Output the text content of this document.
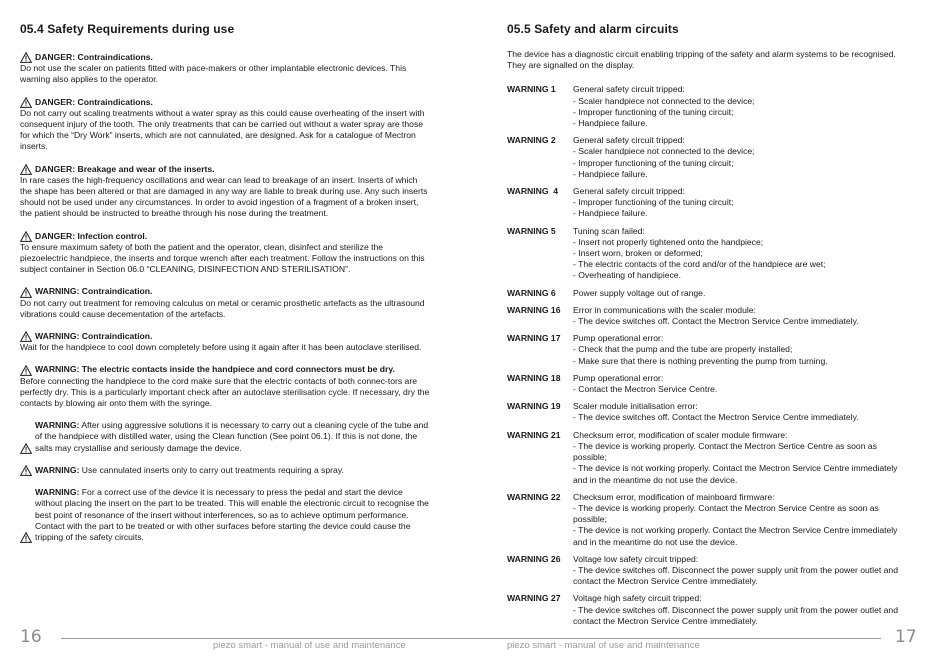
05.4 Safety Requirements during use
DANGER: Contraindications.

Do not use the scaler on patients fitted with pace-makers or other implantable electronic devices. This warning also applies to the operator.

DANGER: Contraindications.

Do not carry out scaling treatments without a water spray as this could cause overheating of the insert with consequent injury of the tooth. The only treatments that can be carried out without a water spray are those for which the “Dry Work” inserts, which are not cannulated, are designed. Ask for a catalogue of Mectron inserts.

DANGER: Breakage and wear of the inserts.

In rare cases the high-frequency oscillations and wear can lead to breakage of an insert. Inserts of which the shape has been altered or that are damaged in any way are liable to break during use. Any such inserts should not be used under any circumstances. In order to avoid ingestion of a fragment of a broken insert, the patient should be instructed to breathe through his nose during the treatment.

DANGER: Infection control.

To ensure maximum safety of both the patient and the operator, clean, disinfect and sterilize the piezoelectric handpiece, the inserts and torque wrench after each treatment. Follow the instructions on this subject container in Section 06.0 “CLEANING, DISINFECTION AND STERILISATION”.

WARNING: Contraindication.

Do not carry out treatment for removing calculus on metal or ceramic prosthetic artefacts as the ultrasound vibrations could cause decementation of the artefacts.

WARNING: Contraindication.

Wait for the handpiece to cool down completely before using it again after it has been autoclave sterilised.

WARNING: The electric contacts inside the handpiece and cord connectors must be dry.

Before connecting the handpiece to the cord make sure that the electric contacts of both connec-tors are perfectly dry. This is a particularly important check after an autoclave sterilisation cycle. If necessary, dry the contacts by blowing air onto them with the syringe.

WARNING: After using aggressive solutions it is necessary to carry out a cleaning cycle of the tube and of the handpiece with distilled water, using the Clean function (See point 06.1). If this is not done, the salts may crystallise and seriously damage the device.
WARNING: Use cannulated inserts only to carry out treatments requiring a spray.
WARNING: For a correct use of the device it is necessary to press the pedal and start the device without placing the insert on the part to be treated. This will enable the electronic circuit to recognise the best point of resonance of the insert without interferences, so as to achieve optimum performance. Contact with the part to be treated or with other surfaces before starting the device could cause the tripping of the safety circuits.
05.5 Safety and alarm circuits

The device has a diagnostic circuit enabling tripping of the safety and alarm systems to be recognised. They are signalled on the display.

WARNING 1	General safety circuit tripped:
- Scaler handpiece not connected to the device;
- Improper functioning of the tuning circuit;
- Handpiece failure.
WARNING 2	General safety circuit tripped:
- Scaler handpiece not connected to the device;
- Improper functioning of the tuning circuit;
- Handpiece failure.
WARNING  4	General safety circuit tripped:
- Improper functioning of the tuning circuit;
- Handpiece failure.
WARNING 5	Tuning scan failed:
- Insert not properly tightened onto the handpiece;
- Insert worn, broken or deformed;
- The electric contacts of the cord and/or of the handpiece are wet;
- Overheating of handipiece.
WARNING 6	Power supply voltage out of range.
WARNING 16	Error in communications with the scaler module:
- The device switches off. Contact the Mectron Service Centre immediately.
WARNING 17	Pump operational error:
- Check that the pump and the tube are properly installed;
- Make sure that there is nothing preventing the pump from turning.
WARNING 18	Pump operational error:
- Contact the Mectron Service Centre.
WARNING 19	Scaler module initialisation error:
- The device switches off. Contact the Mectron Service Centre immediately.
WARNING 21	Checksum error, modification of scaler module firmware:
- The device is working properly. Contact the Mectron Sertice Centre as soon as possible;
- The device is not working properly. Contact the Mectron Service Centre immediately and in the meantime do not use the device.
WARNING 22	Checksum error, modification of mainboard firmware:
- The device is working properly. Contact the Mectron Service Centre as soon as possible;
- The device is not working properly. Contact the Mectron Service Centre immediately and in the meantime do not use the device.
WARNING 26	Voltage low safety circuit tripped:
- The device switches off. Disconnect the power supply unit from the power outlet and contact the Mectron Service Centre immediately.
WARNING 27	Voltage high safety circuit tripped:
- The device switches off. Disconnect the power supply unit from the power outlet and contact the Mectron Service Centre immediately.
16	17
piezo smart - manual of use and maintenance	piezo smart - manual of use and maintenance
